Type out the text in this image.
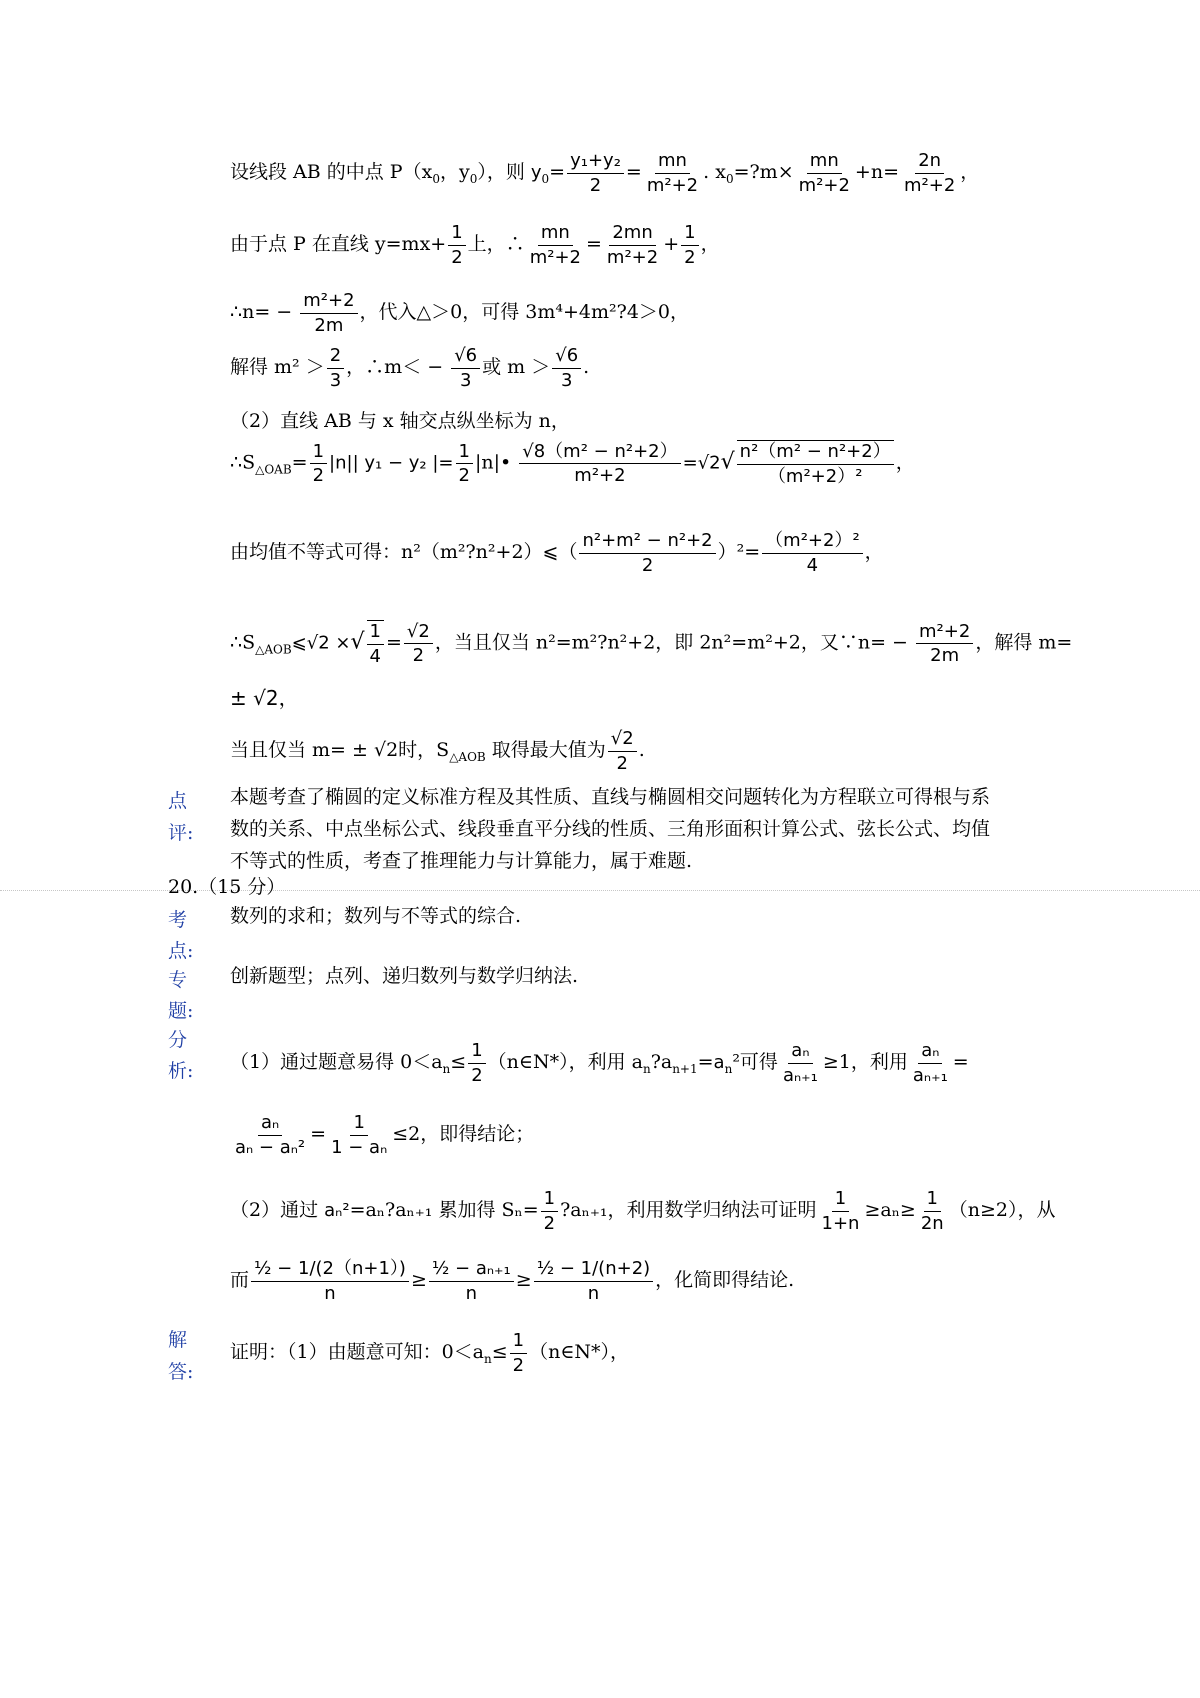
设线段 AB 的中点 $P(x_0$，$y_0$），则 $y_0= \frac{\text{y₁+y₂}}{2} = \frac{mn}{\text{m²+2}}$ . $x_0=?m\times \frac{mn}{\text{m²+2}} +n= \frac{2n}{\text{m²+2}}$ ，
由于点 P 在直线 $y=mx+ \frac{1}{2}$ 上，∴ $\frac{mn}{\text{m²+2}} = \frac{2mn}{\text{m²+2}} + \frac{1}{2}$ ，
∴n= − $\frac{\text{m²+2}}{2m}$ ，代入△＞0，可得 3m⁴+4m²?4＞0，
解得 $m^2 > \frac{2}{3}$ ，∴m＜ − $\frac{√6}{3}$ 或 $m > \frac{√6}{3}$ .
（2）直线 AB 与 x 轴交点纵坐标为 n，
$\therefore S_{\triangle OAB}= \frac{1}{2} |n||$ y₁ − y₂ |= $\frac{1}{2}$ |n|• $\frac{\text{√8（m² − n²+2）}}{\text{m²+2}} =√2√ \frac{\text{n²（m² − n²+2）}}{\text{（m²+2）²}}$ ，
由均值不等式可得：n²（m²?n²+2）⩽（ $\frac{\text{n²+m² − n²+2}}{2} )^2= \frac{\text{（m²+2）²}}{4}$ ，
$\therefore S_{\triangle AOB}⩽√2$ ×√ $\frac{1}{4} = \frac{√2}{2}$ ，当且仅当 n²=m²?n²+2，即 2n²=m²+2，又∵n= − $\frac{\text{m²+2}}{2m}$ ，解得 m=
± √2，
当且仅当 m= ± √2时，$S_{\triangle AOB}$ 取得最大值为 $\frac{√2}{2}$ .
点
评:
本题考查了椭圆的定义标准方程及其性质、直线与椭圆相交问题转化为方程联立可得根与系
数的关系、中点坐标公式、线段垂直平分线的性质、三角形面积计算公式、弦长公式、均值
不等式的性质，考查了推理能力与计算能力，属于难题.
20.（15 分）
考
点:
数列的求和；数列与不等式的综合.
专
题:
创新题型；点列、递归数列与数学归纳法.
分
析: （1）通过题意易得 $0<a_n\le \frac{1}{2}$ （n∈N*），利用 $a_n?a_{n+1}=a_n^2$可得 $\frac{\text{aₙ}}{\text{aₙ₊₁}} \ge 1$，利用 $\frac{\text{aₙ}}{\text{aₙ₊₁}}$ =
$\frac{\text{aₙ}}{\text{aₙ − aₙ²}} = \frac{1}{\text{1 − aₙ}} \le 2$，即得结论；
（2）通过 aₙ²=aₙ?aₙ₊₁ 累加得 $S_n= \frac{1}{2}$ ?aₙ₊₁，利用数学归纳法可证明 $\frac{1}{1+n} \ge a_n\ge \frac{1}{2n} (n\ge 2)$，从
而 $\frac{\text{½ − 1/(2（n+1）)}}{n} \ge \frac{\text{½ − aₙ₊₁}}{n} \ge \frac{\text{½ − 1/(n+2)}}{n}$ ，化简即得结论.
解
答:
证明：（1）由题意可知：$0<a_n\le \frac{1}{2}$ （n∈N*），
